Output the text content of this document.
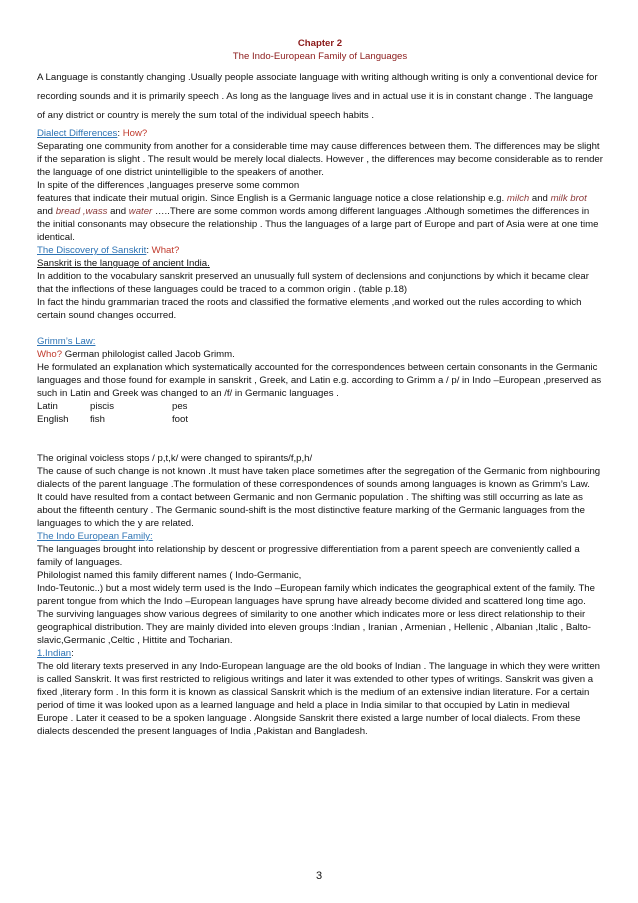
Chapter 2
The Indo-European Family of Languages

A Language is constantly changing .Usually people associate language with writing although writing is only a conventional device for recording sounds and it is primarily speech . As long as the language lives and in actual use it is in constant change . The language of any district or country is merely the sum total of the individual speech habits .

Dialect Differences: How?

Separating one community from another for a considerable time may cause differences between them. The differences may be slight if the separation is slight . The result would be merely local dialects. However , the differences may become considerable as to render the language of one district unintelligible to the speakers of another.

In spite of the differences ,languages preserve some common

features that indicate their mutual origin. Since English is a Germanic language notice a close relationship e.g. milch and milk brot and bread ,wass and water …..There are some common words among different languages .Although sometimes the differences in the initial consonants may obsecure the relationship . Thus the languages of a large part of Europe and part of Asia were at one time identical.

The Discovery of Sanskrit: What?

Sanskrit is the language of ancient India.

In addition to the vocabulary sanskrit preserved an unusually full system of declensions and conjunctions by which it became clear that the inflections of these languages could be traced to a common origin . (table p.18)

In fact the hindu grammarian traced the roots and classified the formative elements ,and worked out the rules according to which certain sound changes occurred.

Grimm’s Law:

Who? German philologist called Jacob Grimm.

He formulated an explanation which systematically accounted for the correspondences between certain consonants in the Germanic languages and those found for example in sanskrit , Greek, and Latin e.g. according to Grimm a / p/ in Indo –European ,preserved as such in Latin and Greek was changed to an /f/ in Germanic languages .

Latin	piscis	pes
English	fish	foot

The original voicless stops / p,t,k/ were changed to spirants/f,p,h/

The cause of such change is not known .It must have taken place sometimes after the segregation of the Germanic from nighbouring dialects of the parent language .The formulation of these correspondences of sounds among languages is known as Grimm’s Law.

It could have resulted from a contact between Germanic and non Germanic population . The shifting was still occurring as late as about the fifteenth century . The Germanic sound-shift is the most distinctive feature marking of the Germanic languages from the languages to which the y are related.

The Indo European Family:

The languages brought into relationship by descent or progressive differentiation from a parent speech are conveniently called a family of languages.

Philologist named this family different names ( Indo-Germanic,

Indo-Teutonic..) but a most widely term used is the Indo –European family which indicates the geographical extent of the family. The parent tongue from which the Indo –European languages have sprung have already become divided and scattered long time ago.

The surviving languages show various degrees of similarity to one another which indicates more or less direct relationship to their geographical distribution. They are mainly divided into eleven groups :Indian , Iranian , Armenian , Hellenic , Albanian ,Italic , Balto-slavic,Germanic ,Celtic , Hittite and Tocharian.

1.Indian:

The old literary texts preserved in any Indo-European language are the old books of Indian . The language in which they were written is called Sanskrit. It was first restricted to religious writings and later it was extended to other types of writings. Sanskrit was given a fixed ,literary form . In this form it is known as classical Sanskrit which is the medium of an extensive indian literature. For a certain period of time it was looked upon as a learned language and held a place in India similar to that occupied by Latin in medieval Europe . Later it ceased to be a spoken language . Alongside Sanskrit there existed a large number of local dialects. From these dialects descended the present languages of India ,Pakistan and Bangladesh.

3
